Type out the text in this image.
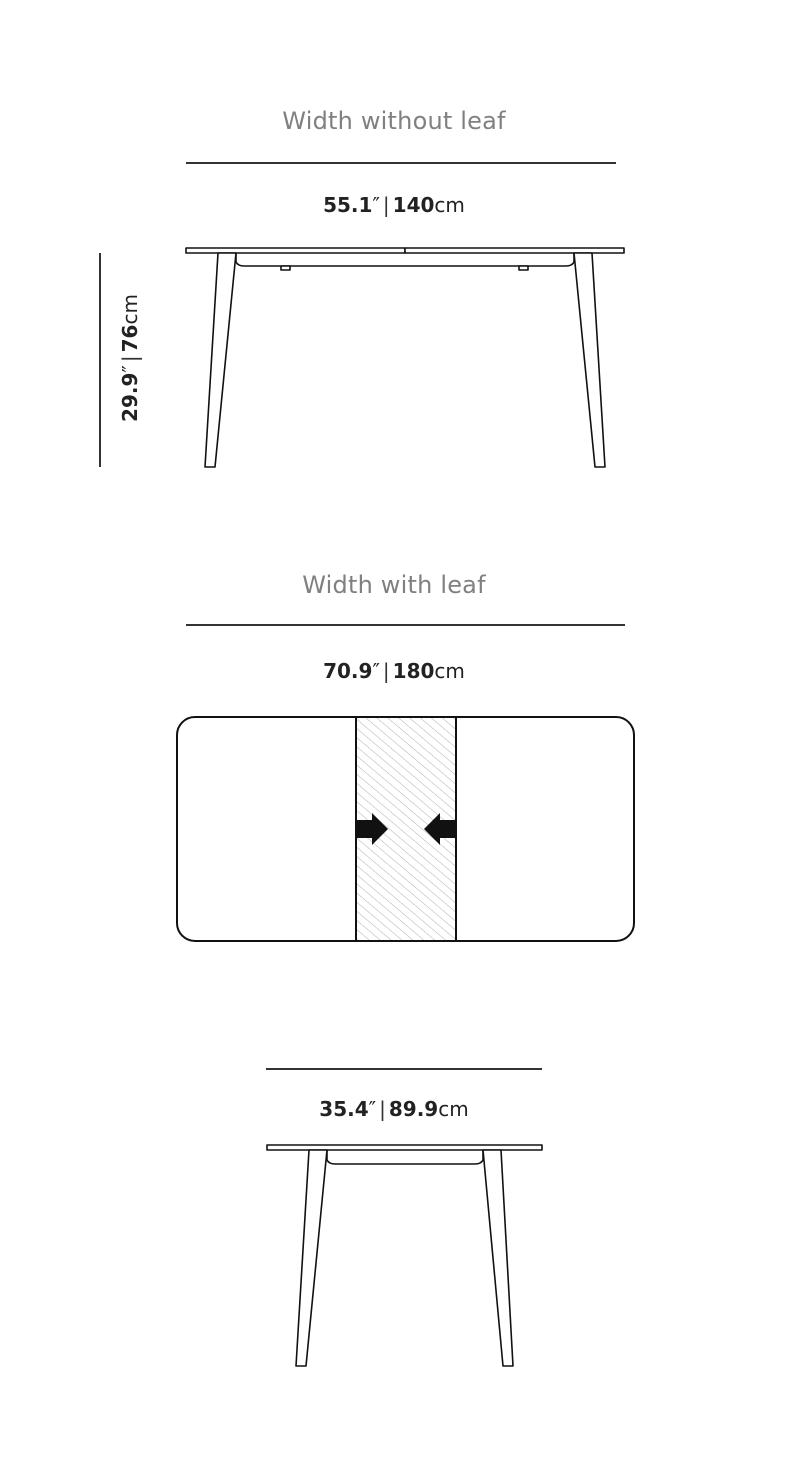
Width without leaf
55.1″ | 140cm
29.9″|76cm
Width with leaf
70.9″ | 180cm
35.4″ | 89.9cm
